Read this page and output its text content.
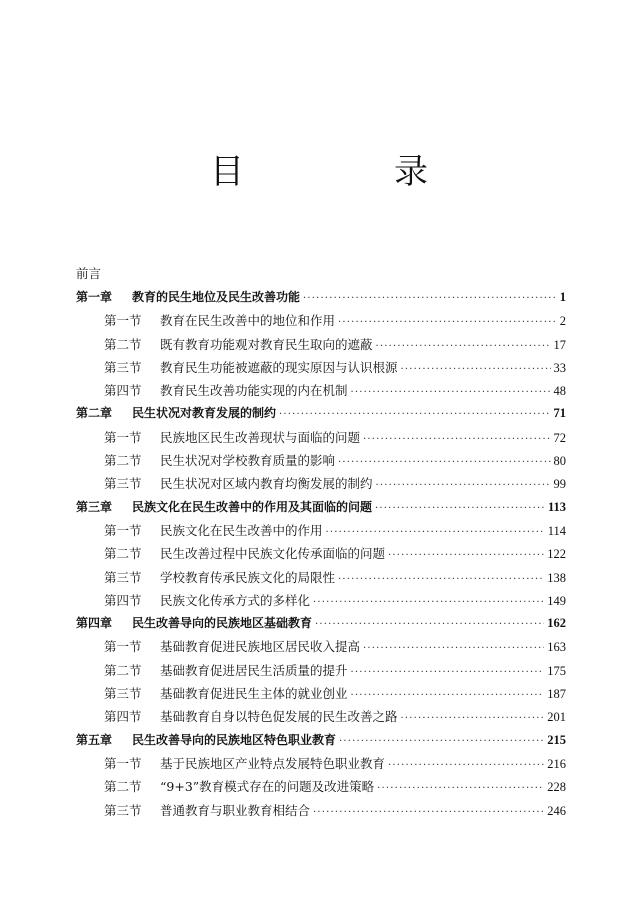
目　录
前言
第一章	教育的民生地位及民生改善功能 ·····	1
第一节	教育在民生改善中的地位和作用 ·····	2
第二节	既有教育功能观对教育民生取向的遮蔽 ·····	17
第三节	教育民生功能被遮蔽的现实原因与认识根源 ·····	33
第四节	教育民生改善功能实现的内在机制 ·····	48
第二章	民生状况对教育发展的制约 ·····	71
第一节	民族地区民生改善现状与面临的问题 ·····	72
第二节	民生状况对学校教育质量的影响 ·····	80
第三节	民生状况对区域内教育均衡发展的制约 ·····	99
第三章	民族文化在民生改善中的作用及其面临的问题 ·····	113
第一节	民族文化在民生改善中的作用 ·····	114
第二节	民生改善过程中民族文化传承面临的问题 ·····	122
第三节	学校教育传承民族文化的局限性 ·····	138
第四节	民族文化传承方式的多样化 ·····	149
第四章	民生改善导向的民族地区基础教育 ·····	162
第一节	基础教育促进民族地区居民收入提高 ·····	163
第二节	基础教育促进居民生活质量的提升 ·····	175
第三节	基础教育促进民生主体的就业创业 ·····	187
第四节	基础教育自身以特色促发展的民生改善之路 ·····	201
第五章	民生改善导向的民族地区特色职业教育 ·····	215
第一节	基于民族地区产业特点发展特色职业教育 ·····	216
第二节	“9+3”教育模式存在的问题及改进策略 ·····	228
第三节	普通教育与职业教育相结合 ·····	246
